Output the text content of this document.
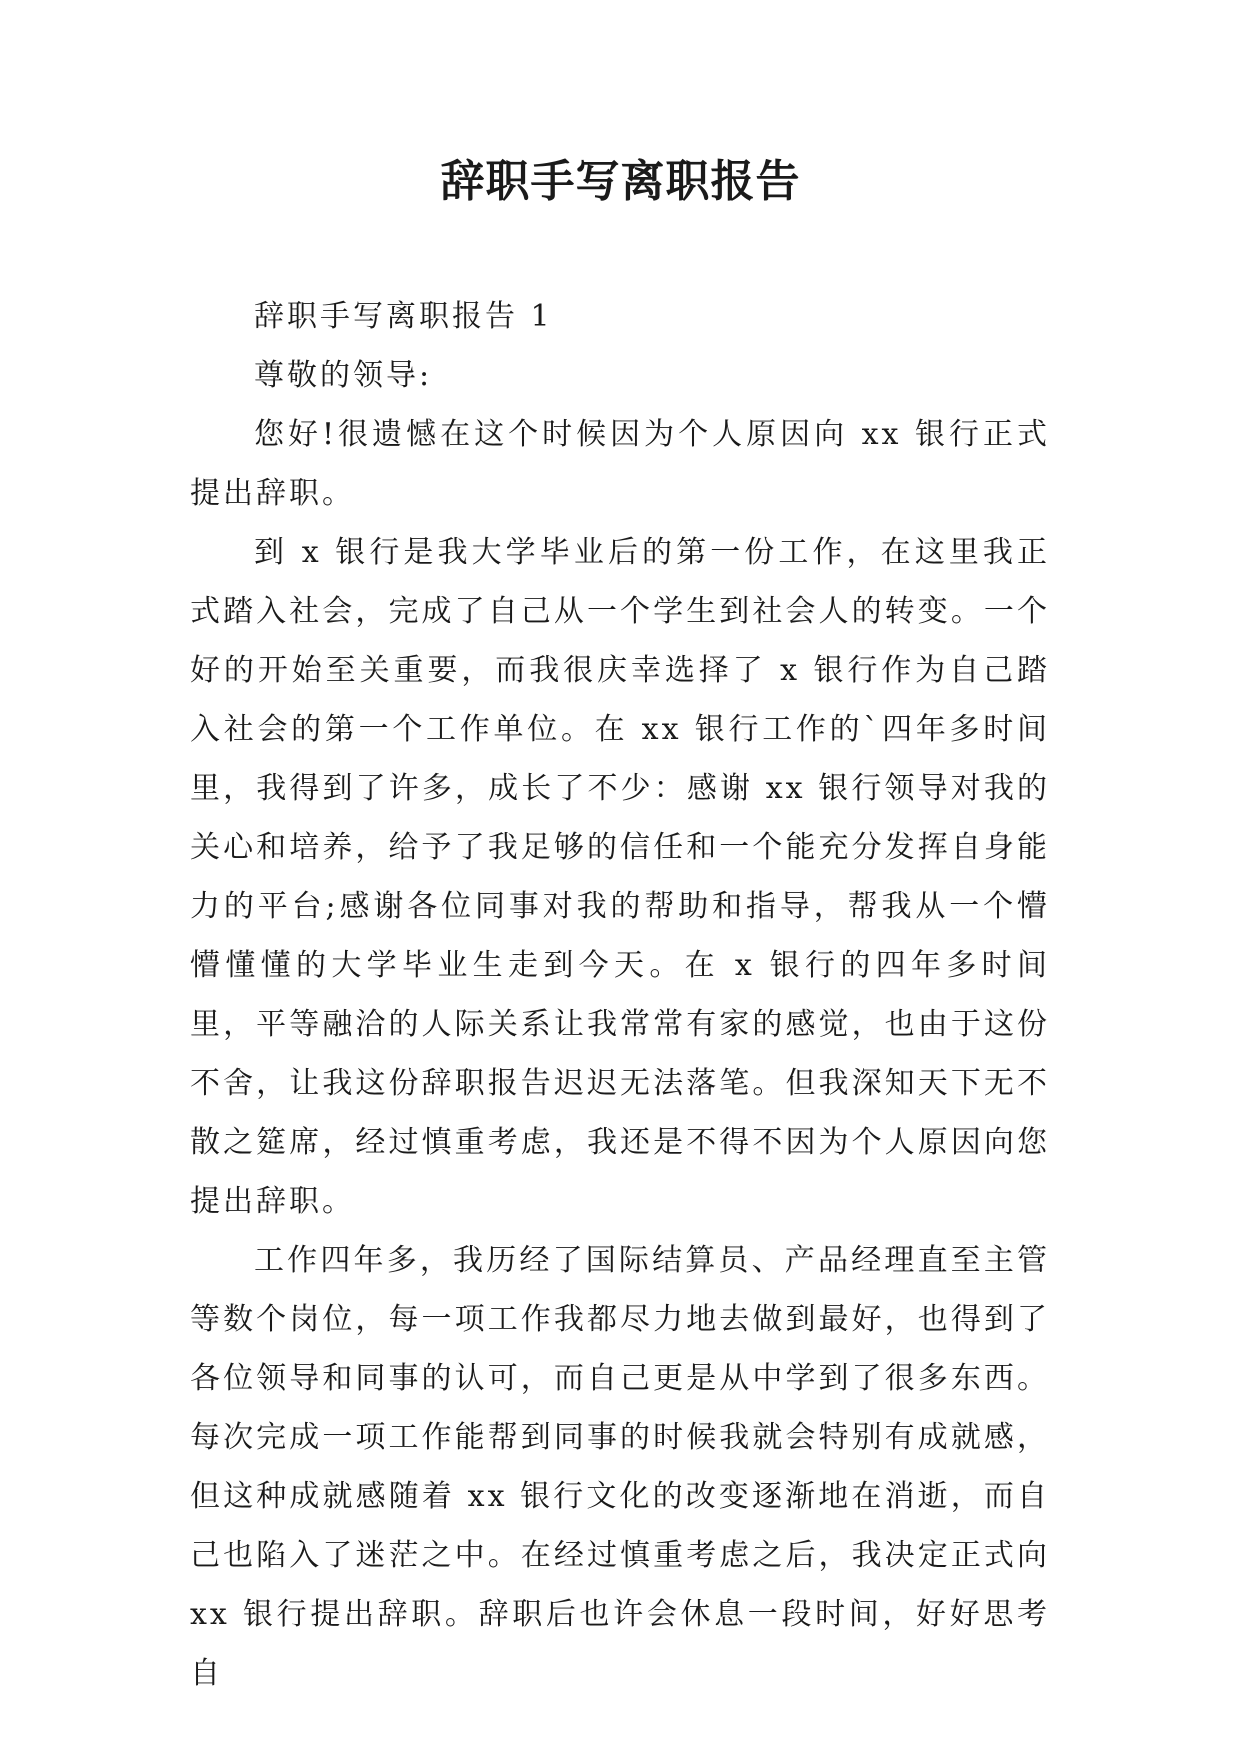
辞职手写离职报告

辞职手写离职报告 1

尊敬的领导:

您好!很遗憾在这个时候因为个人原因向 xx 银行正式提出辞职。

到 x 银行是我大学毕业后的第一份工作，在这里我正式踏入社会，完成了自己从一个学生到社会人的转变。一个好的开始至关重要，而我很庆幸选择了 x 银行作为自己踏入社会的第一个工作单位。在 xx 银行工作的`四年多时间里，我得到了许多，成长了不少：感谢 xx 银行领导对我的关心和培养，给予了我足够的信任和一个能充分发挥自身能力的平台;感谢各位同事对我的帮助和指导，帮我从一个懵懵懂懂的大学毕业生走到今天。在 x 银行的四年多时间里，平等融洽的人际关系让我常常有家的感觉，也由于这份不舍，让我这份辞职报告迟迟无法落笔。但我深知天下无不散之筵席，经过慎重考虑，我还是不得不因为个人原因向您提出辞职。

工作四年多，我历经了国际结算员、产品经理直至主管等数个岗位，每一项工作我都尽力地去做到最好，也得到了各位领导和同事的认可，而自己更是从中学到了很多东西。每次完成一项工作能帮到同事的时候我就会特别有成就感，但这种成就感随着 xx 银行文化的改变逐渐地在消逝，而自己也陷入了迷茫之中。在经过慎重考虑之后，我决定正式向 xx 银行提出辞职。辞职后也许会休息一段时间，好好思考自
